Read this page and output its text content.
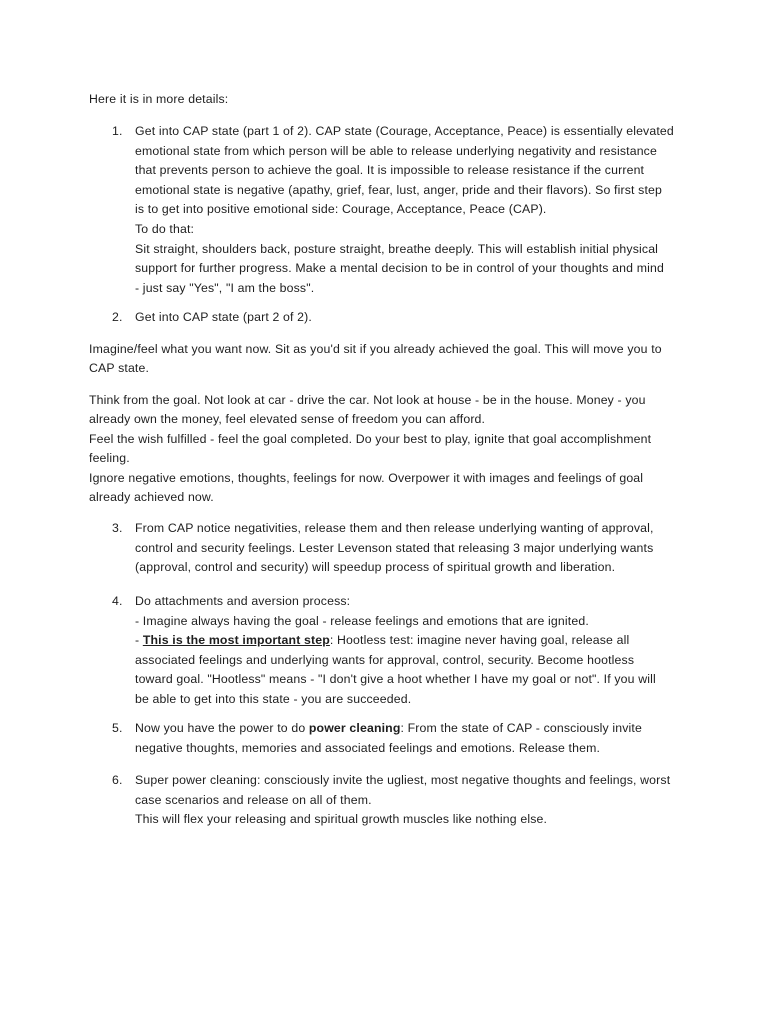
Here it is in more details:
1. Get into CAP state (part 1 of 2). CAP state (Courage, Acceptance, Peace) is essentially elevated
emotional state from which person will be able to release underlying negativity and resistance
that prevents person to achieve the goal. It is impossible to release resistance if the current
emotional state is negative (apathy, grief, fear, lust, anger, pride and their flavors). So first step
is to get into positive emotional side: Courage, Acceptance, Peace (CAP).
To do that:
Sit straight, shoulders back, posture straight, breathe deeply. This will establish initial physical
support for further progress. Make a mental decision to be in control of your thoughts and mind
- just say "Yes", "I am the boss".
2. Get into CAP state (part 2 of 2).
Imagine/feel what you want now. Sit as you'd sit if you already achieved the goal. This will move you to
CAP state.
Think from the goal. Not look at car - drive the car. Not look at house - be in the house. Money - you
already own the money, feel elevated sense of freedom you can afford.
Feel the wish fulfilled - feel the goal completed. Do your best to play, ignite that goal accomplishment
feeling.
Ignore negative emotions, thoughts, feelings for now. Overpower it with images and feelings of goal
already achieved now.
3. From CAP notice negativities, release them and then release underlying wanting of approval,
control and security feelings. Lester Levenson stated that releasing 3 major underlying wants
(approval, control and security) will speedup process of spiritual growth and liberation.
4. Do attachments and aversion process:
- Imagine always having the goal - release feelings and emotions that are ignited.
- This is the most important step: Hootless test: imagine never having goal, release all
associated feelings and underlying wants for approval, control, security. Become hootless
toward goal. "Hootless" means - "I don't give a hoot whether I have my goal or not". If you will
be able to get into this state - you are succeeded.
5. Now you have the power to do power cleaning: From the state of CAP - consciously invite
negative thoughts, memories and associated feelings and emotions. Release them.
6. Super power cleaning: consciously invite the ugliest, most negative thoughts and feelings, worst
case scenarios and release on all of them.
This will flex your releasing and spiritual growth muscles like nothing else.
